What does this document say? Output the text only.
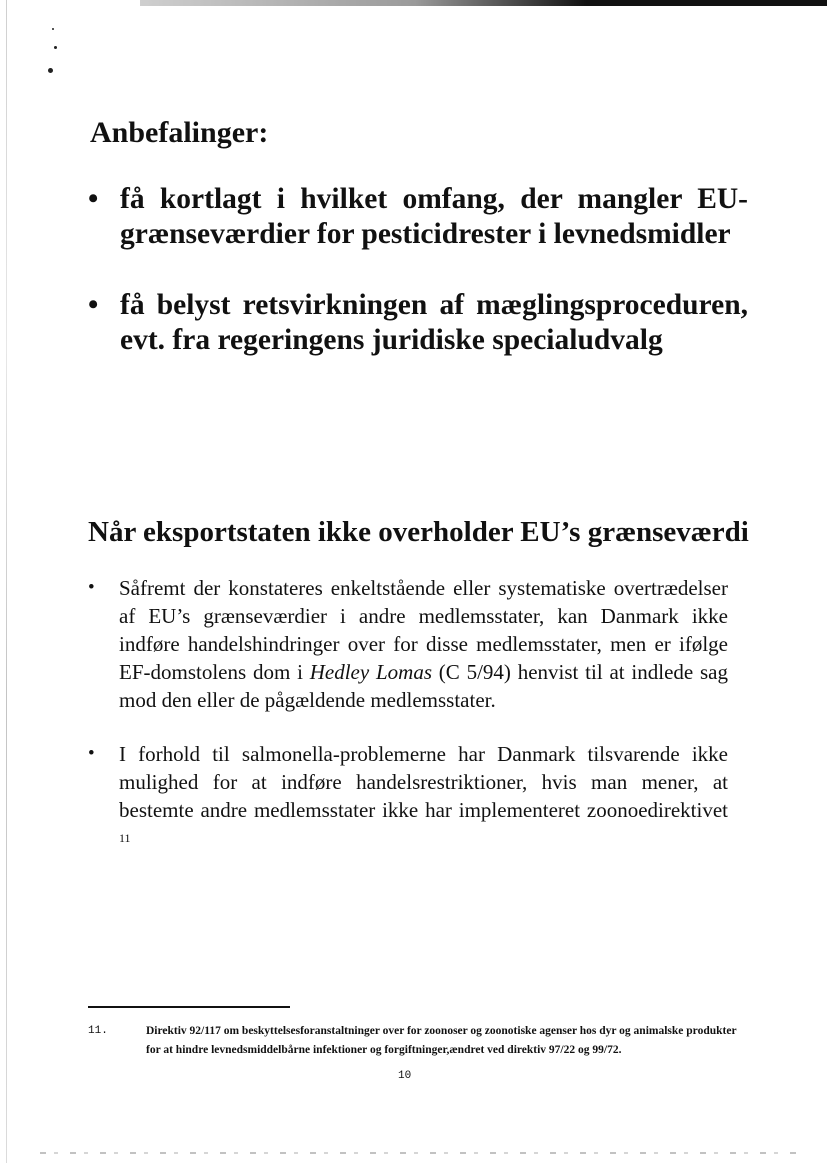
Anbefalinger:
• få kortlagt i hvilket omfang, der mangler EU-grænseværdier for pesticidrester i levnedsmidler
• få belyst retsvirkningen af mæglingsproceduren, evt. fra regeringens juridiske specialudvalg
Når eksportstaten ikke overholder EU’s grænseværdi
• Såfremt der konstateres enkeltstående eller systematiske overtrædelser af EU’s grænseværdier i andre medlemsstater, kan Danmark ikke indføre handelshindringer over for disse medlemsstater, men er ifølge EF-domstolens dom i Hedley Lomas (C 5/94) henvist til at indlede sag mod den eller de pågældende medlemsstater.
• I forhold til salmonella-problemerne har Danmark tilsvarende ikke mulighed for at indføre handelsrestriktioner, hvis man mener, at bestemte andre medlemsstater ikke har implementeret zoonoedirektivet $^{11}$
11.	Direktiv 92/117 om beskyttelsesforanstaltninger over for zoonoser og zoonotiske agenser hos dyr og animalske produkter for at hindre levnedsmiddelbårne infektioner og forgiftninger,ændret ved direktiv 97/22 og 99/72.
10
